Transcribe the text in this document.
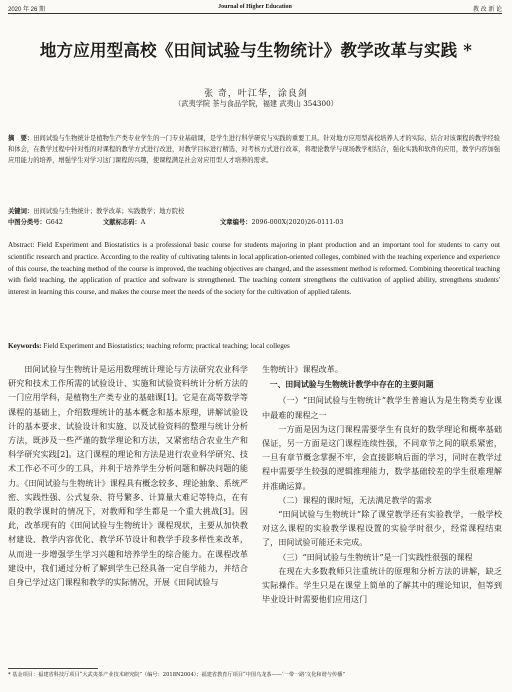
2020 年 26 期	Journal of Higher Education	教 改 新 论
地方应用型高校《田间试验与生物统计》教学改革与实践 *
张 奇，叶江华，涂良剑
（武夷学院 茶与食品学院，福建 武夷山 354300）
摘　要：田间试验与生物统计是植物生产类专业学生的一门专业基础课，是学生进行科学研究与实践的重要工具。针对地方应用型高校培养人才的实际，结合对该课程的教学经验和体会，在教学过程中针对性的对课程的教学方式进行改进，对教学目标进行精选，对考核方式进行改革，将理论教学与现场教学相结合，强化实践和软件的应用，教学内容加强应用能力的培养，增强学生对学习这门课程的兴趣，使课程满足社会对应用型人才培养的需求。
关键词：田间试验与生物统计；教学改革；实践教学；地方院校
中图分类号：G642	文献标志码：A	文章编号：2096-000X(2020)26-0111-03
Abstract: Field Experiment and Biostatistics is a professional basic course for students majoring in plant production and an important tool for students to carry out scientific research and practice. According to the reality of cultivating talents in local application-oriented colleges, combined with the teaching experience and experience of this course, the teaching method of the course is improved, the teaching objectives are changed, and the assessment method is reformed. Combining theoretical teaching with field teaching, the application of practice and software is strengthened. The teaching content strengthens the cultivation of applied ability, strengthens students' interest in learning this course, and makes the course meet the needs of the society for the cultivation of applied talents.
Keywords: Field Experiment and Biostatistics; teaching reform; practical teaching; local colleges

田间试验与生物统计是运用数理统计理论与方法研究农业科学研究和技术工作所需的试验设计、实施和试验资料统计分析方法的一门应用学科，是植物生产类专业的基础课[1]。它是在高等数学等课程的基础上，介绍数理统计的基本概念和基本原理，讲解试验设计的基本要求、试验设计和实施、以及试验资料的整理与统计分析方法，既涉及一些严谨的数学理论和方法，又紧密结合农业生产和科学研究实践[2]。这门课程的理论和方法是进行农业科学研究、技术工作必不可少的工具，并利于培养学生分析问题和解决问题的能力。《田间试验与生物统计》课程具有概念较多、理论抽象、系统严密、实践性强、公式复杂、符号繁多、计算量大难记等特点，在有限的教学课时的情况下，对教师和学生都是一个重大挑战[3]。因此，改革现有的《田间试验与生物统计》课程现状，主要从加快教材建设、教学内容优化、教学环节设计和教学手段多样性来改革，从而进一步增强学生学习兴趣和培养学生的综合能力。在课程改革建设中，我们通过分析了解到学生已经具备一定自学能力，并结合自身已学过这门课程和教学的实际情况，开展《田间试验与

生物统计》课程改革。
一、田间试验与生物统计教学中存在的主要问题

（一）“田间试验与生物统计”教学生普遍认为是生物类专业课中最难的课程之一

一方面是因为这门课程需要学生有良好的数学理论和概率基础保证，另一方面是这门课程连续性强，不同章节之间的联系紧密，一旦有章节概念掌握不牢，会直接影响后面的学习，同时在教学过程中需要学生较强的逻辑推理能力，数学基础较差的学生很难理解并准确运算。

（二）课程的课时短，无法满足教学的需求

“田间试验与生物统计”除了课堂教学还有实验教学，一般学校对这么课程的实验教学课程设置的实验学时很少，经常课程结束了，田间试验可能还未完成。

（三）“田间试验与生物统计”是一门实践性很强的课程

在现在大多数教师只注重统计的原理和分析方法的讲解，缺乏实际操作。学生只是在课堂上简单的了解其中的理论知识，但等到毕业设计时需要他们应用这门

* 基金项目：福建省科技厅项目“大武夷茶产业技术研究院”（编号：2018N2004）；福建省教育厅项目“中国乌龙茶——‘一带一路’文化和谐与传播”
